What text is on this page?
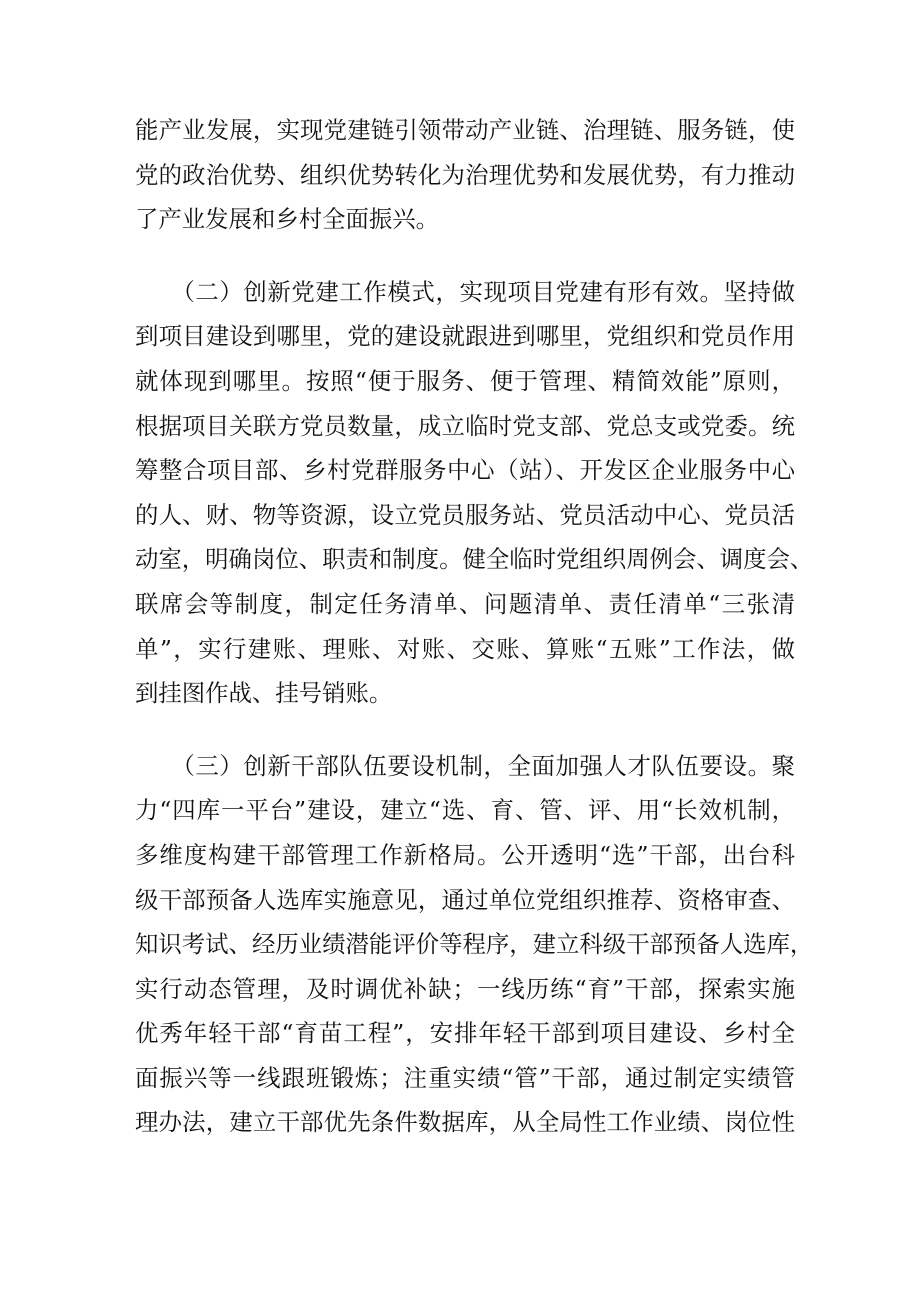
能产业发展，实现党建链引领带动产业链、治理链、服务链，使
党的政治优势、组织优势转化为治理优势和发展优势，有力推动
了产业发展和乡村全面振兴。
　　（二）创新党建工作模式，实现项目党建有形有效。坚持做
到项目建设到哪里，党的建设就跟进到哪里，党组织和党员作用
就体现到哪里。按照“便于服务、便于管理、精简效能”原则，
根据项目关联方党员数量，成立临时党支部、党总支或党委。统
筹整合项目部、乡村党群服务中心（站）、开发区企业服务中心
的人、财、物等资源，设立党员服务站、党员活动中心、党员活
动室，明确岗位、职责和制度。健全临时党组织周例会、调度会、
联席会等制度，制定任务清单、问题清单、责任清单“三张清
单”，实行建账、理账、对账、交账、算账“五账”工作法，做
到挂图作战、挂号销账。
　　（三）创新干部队伍要设机制，全面加强人才队伍要设。聚
力“四库一平台”建设，建立“选、育、管、评、用“长效机制，
多维度构建干部管理工作新格局。公开透明“选”干部，出台科
级干部预备人选库实施意见，通过单位党组织推荐、资格审查、
知识考试、经历业绩潜能评价等程序，建立科级干部预备人选库，
实行动态管理，及时调优补缺；一线历练“育”干部，探索实施
优秀年轻干部“育苗工程”，安排年轻干部到项目建设、乡村全
面振兴等一线跟班锻炼；注重实绩“管”干部，通过制定实绩管
理办法，建立干部优先条件数据库，从全局性工作业绩、岗位性
